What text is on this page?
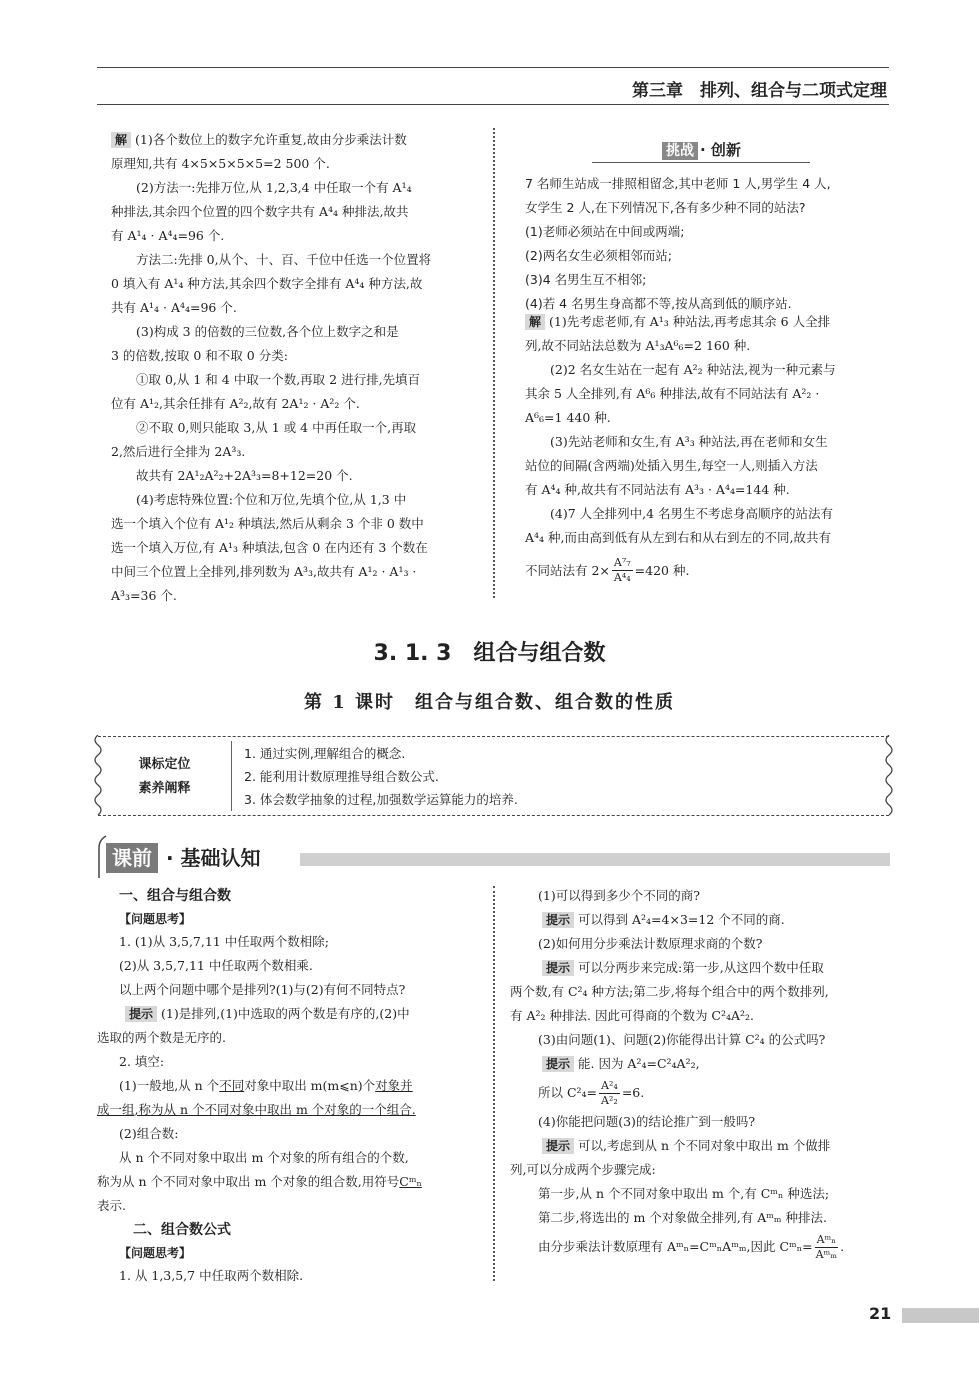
第三章　排列、组合与二项式定理
解 (1)各个数位上的数字允许重复,故由分步乘法计数
原理知,共有 4×5×5×5×5=2 500 个.
(2)方法一:先排万位,从 1,2,3,4 中任取一个有 A¹₄
种排法,其余四个位置的四个数字共有 A⁴₄ 种排法,故共
有 A¹₄ · A⁴₄=96 个.
方法二:先排 0,从个、十、百、千位中任选一个位置将
0 填入有 A¹₄ 种方法,其余四个数字全排有 A⁴₄ 种方法,故
共有 A¹₄ · A⁴₄=96 个.
(3)构成 3 的倍数的三位数,各个位上数字之和是
3 的倍数,按取 0 和不取 0 分类:
①取 0,从 1 和 4 中取一个数,再取 2 进行排,先填百
位有 A¹₂,其余任排有 A²₂,故有 2A¹₂ · A²₂ 个.
②不取 0,则只能取 3,从 1 或 4 中再任取一个,再取
2,然后进行全排为 2A³₃.
故共有 2A¹₂A²₂+2A³₃=8+12=20 个.
(4)考虑特殊位置:个位和万位,先填个位,从 1,3 中
选一个填入个位有 A¹₂ 种填法,然后从剩余 3 个非 0 数中
选一个填入万位,有 A¹₃ 种填法,包含 0 在内还有 3 个数在
中间三个位置上全排列,排列数为 A³₃,故共有 A¹₂ · A¹₃ ·
A³₃=36 个.
挑战 · 创新
7 名师生站成一排照相留念,其中老师 1 人,男学生 4 人,
女学生 2 人,在下列情况下,各有多少种不同的站法?
(1)老师必须站在中间或两端;
(2)两名女生必须相邻而站;
(3)4 名男生互不相邻;
(4)若 4 名男生身高都不等,按从高到低的顺序站.
解 (1)先考虑老师,有 A¹₃ 种站法,再考虑其余 6 人全排
列,故不同站法总数为 A¹₃A⁶₆=2 160 种.
(2)2 名女生站在一起有 A²₂ 种站法,视为一种元素与
其余 5 人全排列,有 A⁶₆ 种排法,故有不同站法有 A²₂ ·
A⁶₆=1 440 种.
(3)先站老师和女生,有 A³₃ 种站法,再在老师和女生
站位的间隔(含两端)处插入男生,每空一人,则插入方法
有 A⁴₄ 种,故共有不同站法有 A³₃ · A⁴₄=144 种.
(4)7 人全排列中,4 名男生不考虑身高顺序的站法有
A⁴₄ 种,而由高到低有从左到右和从右到左的不同,故共有
不同站法有 $2\times \frac{\text{A⁷₇}}{\text{A⁴₄}} =420$ 种.
3. 1. 3　组合与组合数
第 1 课时　组合与组合数、组合数的性质
课标定位
素养阐释
1. 通过实例,理解组合的概念.
2. 能利用计数原理推导组合数公式.
3. 体会数学抽象的过程,加强数学运算能力的培养.
课前 · 基础认知
一、组合与组合数
【问题思考】
1. (1)从 3,5,7,11 中任取两个数相除;
(2)从 3,5,7,11 中任取两个数相乘.
以上两个问题中哪个是排列?(1)与(2)有何不同特点?
提示 (1)是排列,(1)中选取的两个数是有序的,(2)中
选取的两个数是无序的.
2. 填空:
(1)一般地,从 n 个不同对象中取出 m(m⩽n)个对象并
成一组,称为从 n 个不同对象中取出 m 个对象的一个组合.
(2)组合数:
从 n 个不同对象中取出 m 个对象的所有组合的个数,
称为从 n 个不同对象中取出 m 个对象的组合数,用符号Cᵐₙ
表示.
二、组合数公式
【问题思考】
1. 从 1,3,5,7 中任取两个数相除.
(1)可以得到多少个不同的商?
提示 可以得到 A²₄=4×3=12 个不同的商.
(2)如何用分步乘法计数原理求商的个数?
提示 可以分两步来完成:第一步,从这四个数中任取
两个数,有 C²₄ 种方法;第二步,将每个组合中的两个数排列,
有 A²₂ 种排法. 因此可得商的个数为 C²₄A²₂.
(3)由问题(1)、问题(2)你能得出计算 C²₄ 的公式吗?
提示 能. 因为 A²₄=C²₄A²₂,
所以 $C^2_4= \frac{\text{A²₄}}{\text{A²₂}} =6$.
(4)你能把问题(3)的结论推广到一般吗?
提示 可以,考虑到从 n 个不同对象中取出 m 个做排
列,可以分成两个步骤完成:
第一步,从 n 个不同对象中取出 m 个,有 Cᵐₙ 种选法;
第二步,将选出的 m 个对象做全排列,有 Aᵐₘ 种排法.
由分步乘法计数原理有 Aᵐₙ=CᵐₙAᵐₘ,因此 Cᵐₙ= Aᵐₙ
Aᵐₘ .
21
